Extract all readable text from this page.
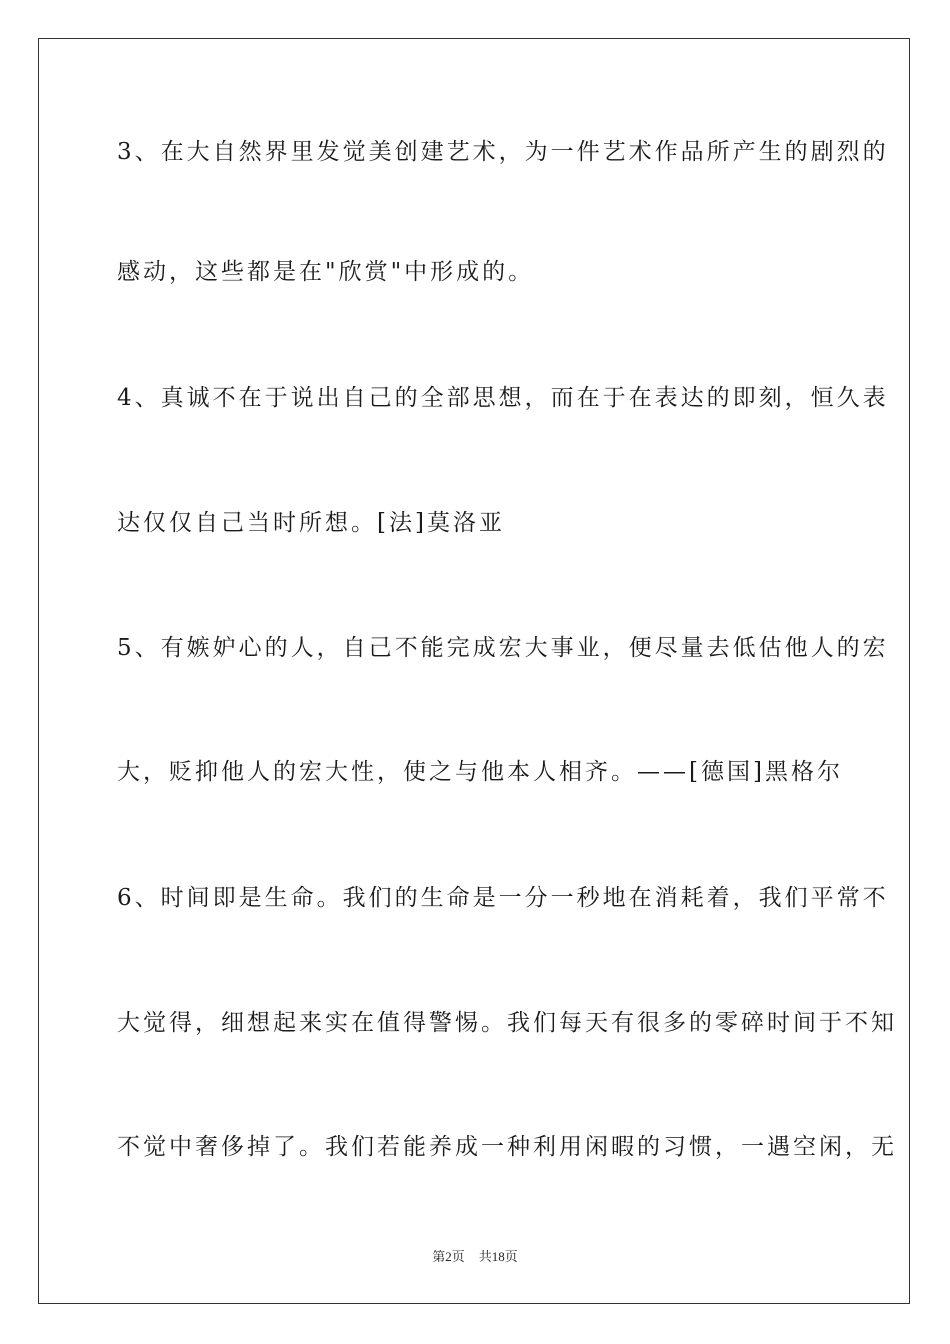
3、在大自然界里发觉美创建艺术，为一件艺术作品所产生的剧烈的
感动，这些都是在"欣赏"中形成的。
4、真诚不在于说出自己的全部思想，而在于在表达的即刻，恒久表
达仅仅自己当时所想。[法]莫洛亚
5、有嫉妒心的人，自己不能完成宏大事业，便尽量去低估他人的宏
大，贬抑他人的宏大性，使之与他本人相齐。——[德国]黑格尔
6、时间即是生命。我们的生命是一分一秒地在消耗着，我们平常不
大觉得，细想起来实在值得警惕。我们每天有很多的零碎时间于不知
不觉中奢侈掉了。我们若能养成一种利用闲暇的习惯，一遇空闲，无
第2页 共18页
